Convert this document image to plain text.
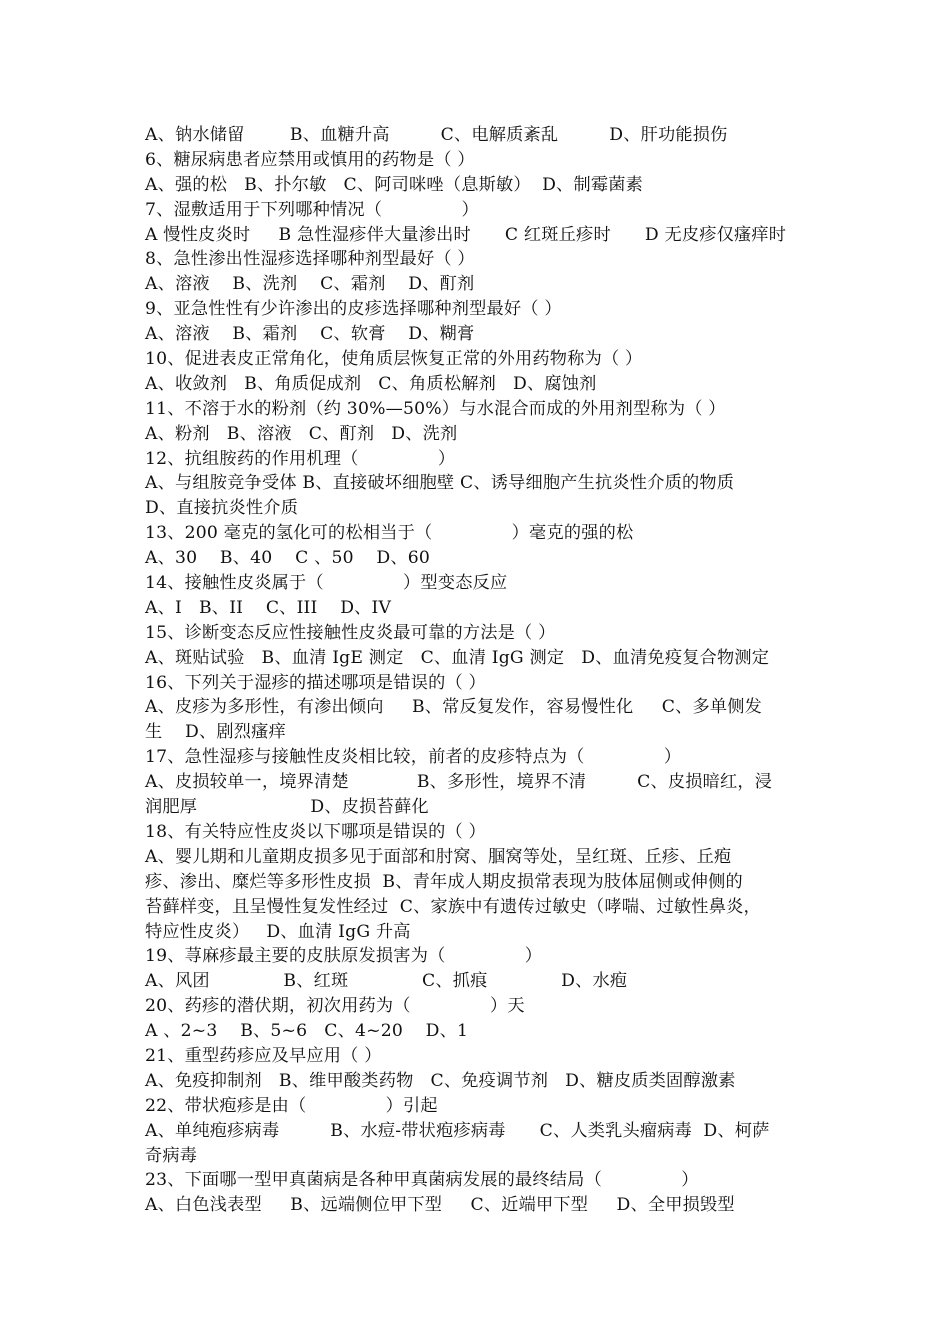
A、钠水储留        B、血糖升高         C、电解质紊乱         D、肝功能损伤
6、糖尿病患者应禁用或慎用的药物是（ ）
A、强的松   B、扑尔敏   C、阿司咪唑（息斯敏）  D、制霉菌素
7、湿敷适用于下列哪种情况（              ）
A 慢性皮炎时     B 急性湿疹伴大量渗出时      C 红斑丘疹时      D 无皮疹仅瘙痒时
8、急性渗出性湿疹选择哪种剂型最好（ ）
A、溶液    B、洗剂    C、霜剂    D、酊剂
9、亚急性性有少许渗出的皮疹选择哪种剂型最好（ ）
A、溶液    B、霜剂    C、软膏    D、糊膏
10、促进表皮正常角化，使角质层恢复正常的外用药物称为（ ）
A、收敛剂   B、角质促成剂   C、角质松解剂   D、腐蚀剂
11、不溶于水的粉剂（约 30%—50%）与水混合而成的外用剂型称为（ ）
A、粉剂   B、溶液   C、酊剂   D、洗剂
12、抗组胺药的作用机理（              ）
A、与组胺竞争受体 B、直接破坏细胞壁 C、诱导细胞产生抗炎性介质的物质
D、直接抗炎性介质
13、200 毫克的氢化可的松相当于（              ）毫克的强的松
A、30    B、40    C 、50    D、60
14、接触性皮炎属于（              ）型变态反应
A、I   B、II    C、III    D、IV
15、诊断变态反应性接触性皮炎最可靠的方法是（ ）
A、斑贴试验   B、血清 IgE 测定   C、血清 IgG 测定   D、血清免疫复合物测定
16、下列关于湿疹的描述哪项是错误的（ ）
A、皮疹为多形性，有渗出倾向     B、常反复发作，容易慢性化     C、多单侧发
生    D、剧烈瘙痒
17、急性湿疹与接触性皮炎相比较，前者的皮疹特点为（              ）
A、皮损较单一，境界清楚            B、多形性，境界不清         C、皮损暗红，浸
润肥厚                    D、皮损苔藓化
18、有关特应性皮炎以下哪项是错误的（ ）
A、婴儿期和儿童期皮损多见于面部和肘窝、腘窝等处，呈红斑、丘疹、丘疱
疹、渗出、糜烂等多形性皮损  B、青年成人期皮损常表现为肢体屈侧或伸侧的
苔藓样变，且呈慢性复发性经过  C、家族中有遗传过敏史（哮喘、过敏性鼻炎，
特应性皮炎）   D、血清 IgG 升高
19、荨麻疹最主要的皮肤原发损害为（              ）
A、风团             B、红斑             C、抓痕             D、水疱
20、药疹的潜伏期，初次用药为（              ）天
A 、2~3    B、5~6   C、4~20    D、1
21、重型药疹应及早应用（ ）
A、免疫抑制剂   B、维甲酸类药物   C、免疫调节剂   D、糖皮质类固醇激素
22、带状疱疹是由（              ）引起
A、单纯疱疹病毒         B、水痘-带状疱疹病毒      C、人类乳头瘤病毒  D、柯萨
奇病毒
23、下面哪一型甲真菌病是各种甲真菌病发展的最终结局（              ）
A、白色浅表型     B、远端侧位甲下型     C、近端甲下型     D、全甲损毁型
